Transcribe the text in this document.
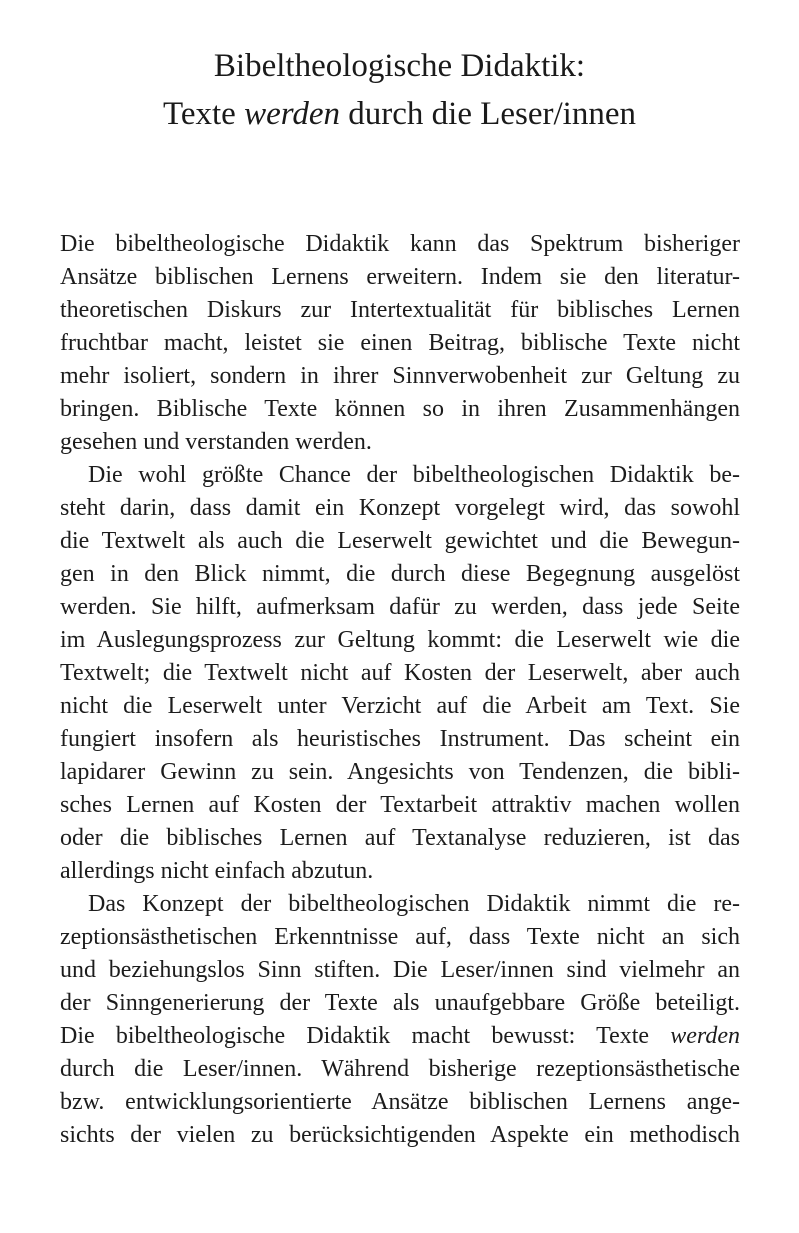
Bibeltheologische Didaktik:
Texte werden durch die Leser/innen
Die bibeltheologische Didaktik kann das Spektrum bisheriger
Ansätze biblischen Lernens erweitern. Indem sie den literatur-
theoretischen Diskurs zur Intertextualität für biblisches Lernen
fruchtbar macht, leistet sie einen Beitrag, biblische Texte nicht
mehr isoliert, sondern in ihrer Sinnverwobenheit zur Geltung zu
bringen. Biblische Texte können so in ihren Zusammenhängen
gesehen und verstanden werden.
Die wohl größte Chance der bibeltheologischen Didaktik be-
steht darin, dass damit ein Konzept vorgelegt wird, das sowohl
die Textwelt als auch die Leserwelt gewichtet und die Bewegun-
gen in den Blick nimmt, die durch diese Begegnung ausgelöst
werden. Sie hilft, aufmerksam dafür zu werden, dass jede Seite
im Auslegungsprozess zur Geltung kommt: die Leserwelt wie die
Textwelt; die Textwelt nicht auf Kosten der Leserwelt, aber auch
nicht die Leserwelt unter Verzicht auf die Arbeit am Text. Sie
fungiert insofern als heuristisches Instrument. Das scheint ein
lapidarer Gewinn zu sein. Angesichts von Tendenzen, die bibli-
sches Lernen auf Kosten der Textarbeit attraktiv machen wollen
oder die biblisches Lernen auf Textanalyse reduzieren, ist das
allerdings nicht einfach abzutun.
Das Konzept der bibeltheologischen Didaktik nimmt die re-
zeptionsästhetischen Erkenntnisse auf, dass Texte nicht an sich
und beziehungslos Sinn stiften. Die Leser/innen sind vielmehr an
der Sinngenerierung der Texte als unaufgebbare Größe beteiligt.
Die bibeltheologische Didaktik macht bewusst: Texte werden
durch die Leser/innen. Während bisherige rezeptionsästhetische
bzw. entwicklungsorientierte Ansätze biblischen Lernens ange-
sichts der vielen zu berücksichtigenden Aspekte ein methodisch
